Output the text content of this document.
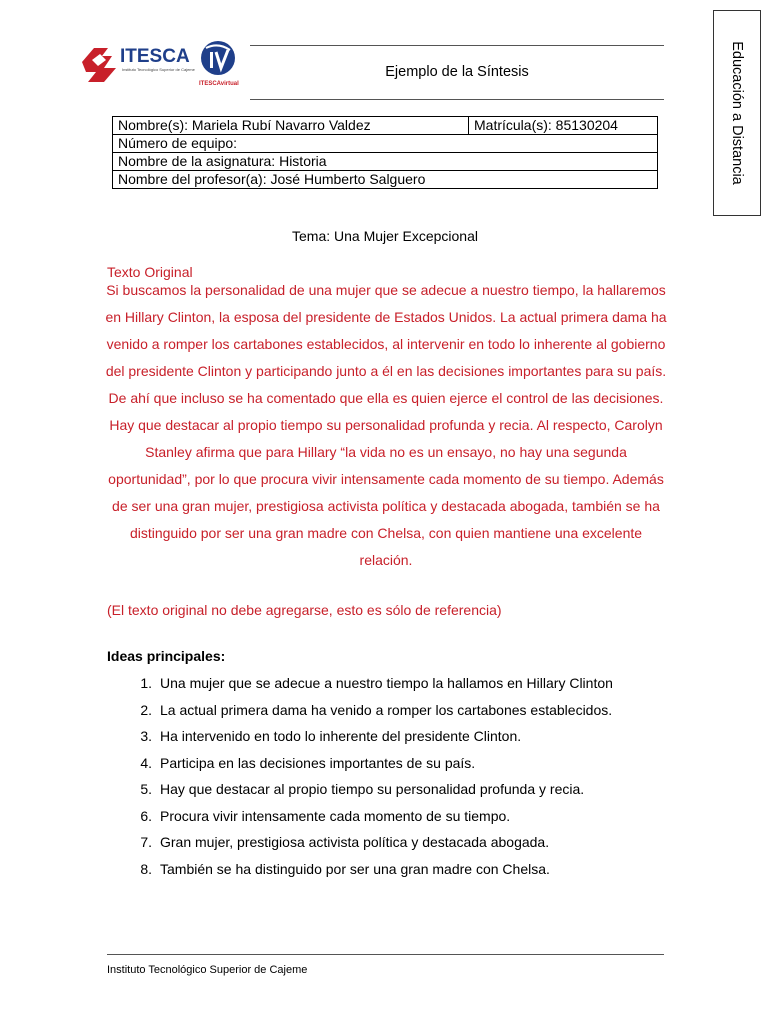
ITESCA
Instituto Tecnológico Superior de Cajeme
ITESCAvirtual
Ejemplo de la Síntesis	Educación a Distancia
Nombre(s): Mariela Rubí Navarro Valdez	Matrícula(s): 85130204
Número de equipo:
Nombre de la asignatura: Historia
Nombre del profesor(a): José Humberto Salguero
Tema: Una Mujer Excepcional
Texto Original

Si buscamos la personalidad de una mujer que se adecue a nuestro tiempo, la hallaremos en Hillary Clinton, la esposa del presidente de Estados Unidos. La actual primera dama ha venido a romper los cartabones establecidos, al intervenir en todo lo inherente al gobierno del presidente Clinton y participando junto a él en las decisiones importantes para su país. De ahí que incluso se ha comentado que ella es quien ejerce el control de las decisiones. Hay que destacar al propio tiempo su personalidad profunda y recia. Al respecto, Carolyn Stanley afirma que para Hillary “la vida no es un ensayo, no hay una segunda oportunidad”, por lo que procura vivir intensamente cada momento de su tiempo. Además de ser una gran mujer, prestigiosa activista política y destacada abogada, también se ha distinguido por ser una gran madre con Chelsa, con quien mantiene una excelente relación.

(El texto original no debe agregarse, esto es sólo de referencia)
Ideas principales:
1. Una mujer que se adecue a nuestro tiempo la hallamos en Hillary Clinton
2. La actual primera dama ha venido a romper los cartabones establecidos.
3. Ha intervenido en todo lo inherente del presidente Clinton.
4. Participa en las decisiones importantes de su país.
5. Hay que destacar al propio tiempo su personalidad profunda y recia.
6. Procura vivir intensamente cada momento de su tiempo.
7. Gran mujer, prestigiosa activista política y destacada abogada.
8. También se ha distinguido por ser una gran madre con Chelsa.
Instituto Tecnológico Superior de Cajeme
